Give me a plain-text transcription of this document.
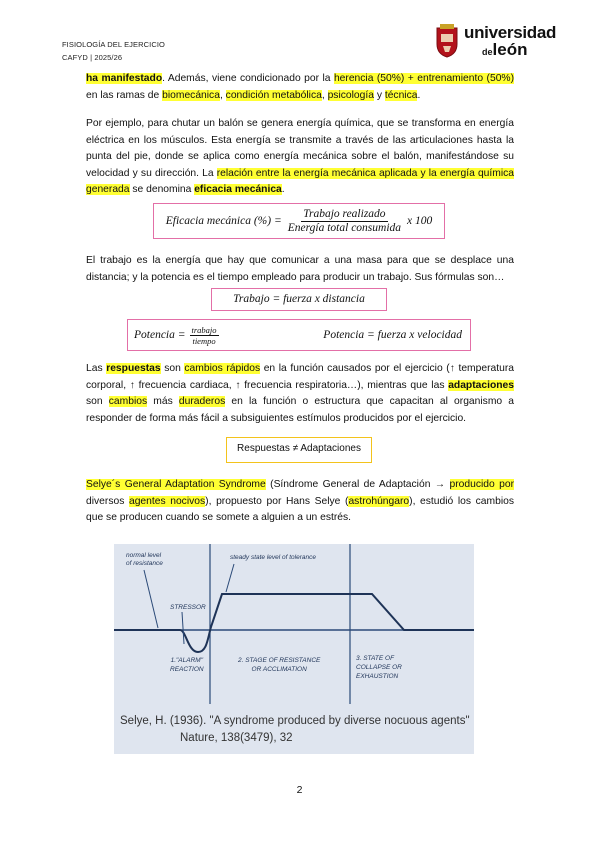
FISIOLOGÍA DEL EJERCICIO
CAFYD | 2025/26
universidad
deleón

ha manifestado. Además, viene condicionado por la herencia (50%) + entrenamiento (50%) en las ramas de biomecánica, condición metabólica, psicología y técnica.

Por ejemplo, para chutar un balón se genera energía química, que se transforma en energía eléctrica en los músculos. Esta energía se transmite a través de las articulaciones hasta la punta del pie, donde se aplica como energía mecánica sobre el balón, manifestándose su velocidad y su dirección. La relación entre la energía mecánica aplicada y la energía química generada se denomina eficacia mecánica.

Eficacia mecánica (%) = $\frac{\text{Trabajo realizado}}{\text{Energía total consumida}}$ x 100

El trabajo es la energía que hay que comunicar a una masa para que se desplace una distancia; y la potencia es el tiempo empleado para producir un trabajo. Sus fórmulas son…

Trabajo = fuerza x distancia
Potencia = $\frac{\text{trabajo}}{\text{tiempo}}$	Potencia = fuerza x velocidad

Las respuestas son cambios rápidos en la función causados por el ejercicio (↑ temperatura corporal, ↑ frecuencia cardiaca, ↑ frecuencia respiratoria…), mientras que las adaptaciones son cambios más duraderos en la función o estructura que capacitan al organismo a responder de forma más fácil a subsiguientes estímulos producidos por el ejercicio.

Respuestas ≠ Adaptaciones

Selye´s General Adaptation Syndrome (Síndrome General de Adaptación → producido por diversos agentes nocivos), propuesto por Hans Selye (astrohúngaro), estudió los cambios que se producen cuando se somete a alguien a un estrés.

normal level
of resistance
steady state level of tolerance
STRESSOR
1."ALARM"
REACTION
2. STAGE OF RESISTANCE
OR ACCLIMATION
3. STATE OF
COLLAPSE OR
EXHAUSTION
Selye, H. (1936). "A syndrome produced by diverse nocuous agents"
Nature, 138(3479), 32
2
